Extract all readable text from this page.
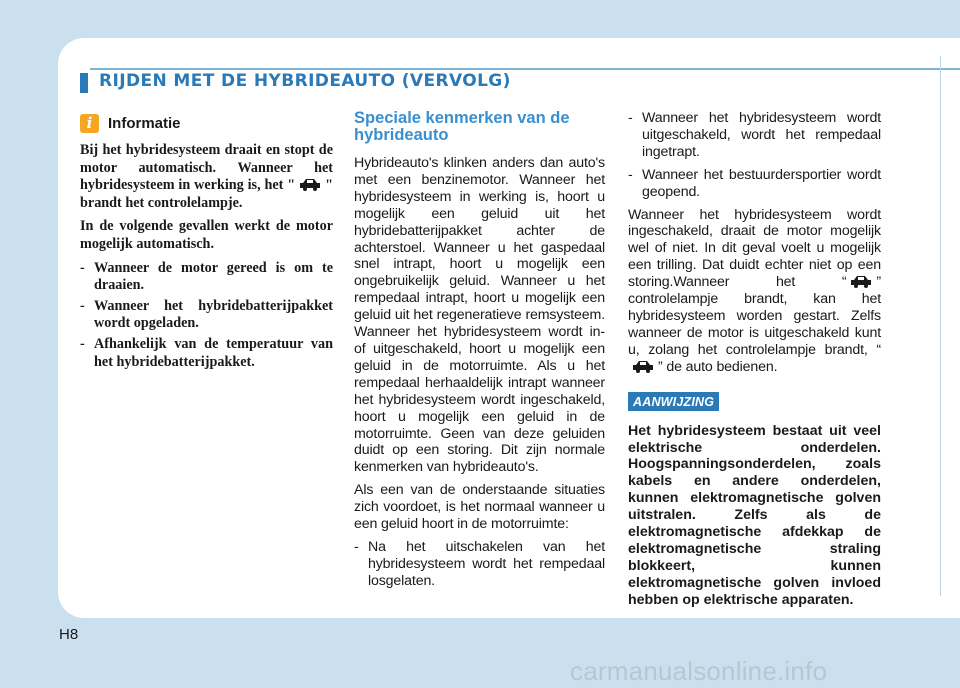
RIJDEN MET DE HYBRIDEAUTO (VERVOLG)
i	Informatie

Bij het hybridesysteem draait en stopt de motor automatisch. Wanneer het hybridesysteem in werking is, het " " brandt het controlelampje.

In de volgende gevallen werkt de motor mogelijk automatisch.

- Wanneer de motor gereed is om te draaien.
- Wanneer het hybridebatterijpakket wordt opgeladen.
- Afhankelijk van de temperatuur van het hybridebatterijpakket.
Speciale kenmerken van de hybrideauto

Hybrideauto's klinken anders dan auto's met een benzinemotor. Wanneer het hybridesysteem in werking is, hoort u mogelijk een geluid uit het hybridebatterijpakket achter de achterstoel. Wanneer u het gaspedaal snel intrapt, hoort u mogelijk een ongebruikelijk geluid. Wanneer u het rempedaal intrapt, hoort u mogelijk een geluid uit het regeneratieve remsysteem. Wanneer het hybridesysteem wordt in- of uitgeschakeld, hoort u mogelijk een geluid in de motorruimte. Als u het rempedaal herhaaldelijk intrapt wanneer het hybridesysteem wordt ingeschakeld, hoort u mogelijk een geluid in de motorruimte. Geen van deze geluiden duidt op een storing. Dit zijn normale kenmerken van hybrideauto's.

Als een van de onderstaande situaties zich voordoet, is het normaal wanneer u een geluid hoort in de motorruimte:

- Na het uitschakelen van het hybridesysteem wordt het rempedaal losgelaten.
- Wanneer het hybridesysteem wordt uitgeschakeld, wordt het rempedaal ingetrapt.
- Wanneer het bestuurdersportier wordt geopend.

Wanneer het hybridesysteem wordt ingeschakeld, draait de motor mogelijk wel of niet. In dit geval voelt u mogelijk een trilling. Dat duidt echter niet op een storing.Wanneer het “ ” controlelampje brandt, kan het hybridesysteem worden gestart. Zelfs wanneer de motor is uitgeschakeld kunt u, zolang het controlelampje brandt, “” de auto bedienen.

AANWIJZING
Het hybridesysteem bestaat uit veel elektrische onderdelen. Hoogspanningsonderdelen, zoals kabels en andere onderdelen, kunnen elektromagnetische golven uitstralen. Zelfs als de elektromagnetische afdekkap de elektromagnetische straling blokkeert, kunnen elektromagnetische golven invloed hebben op elektrische apparaten.
H8
carmanualsonline.info
